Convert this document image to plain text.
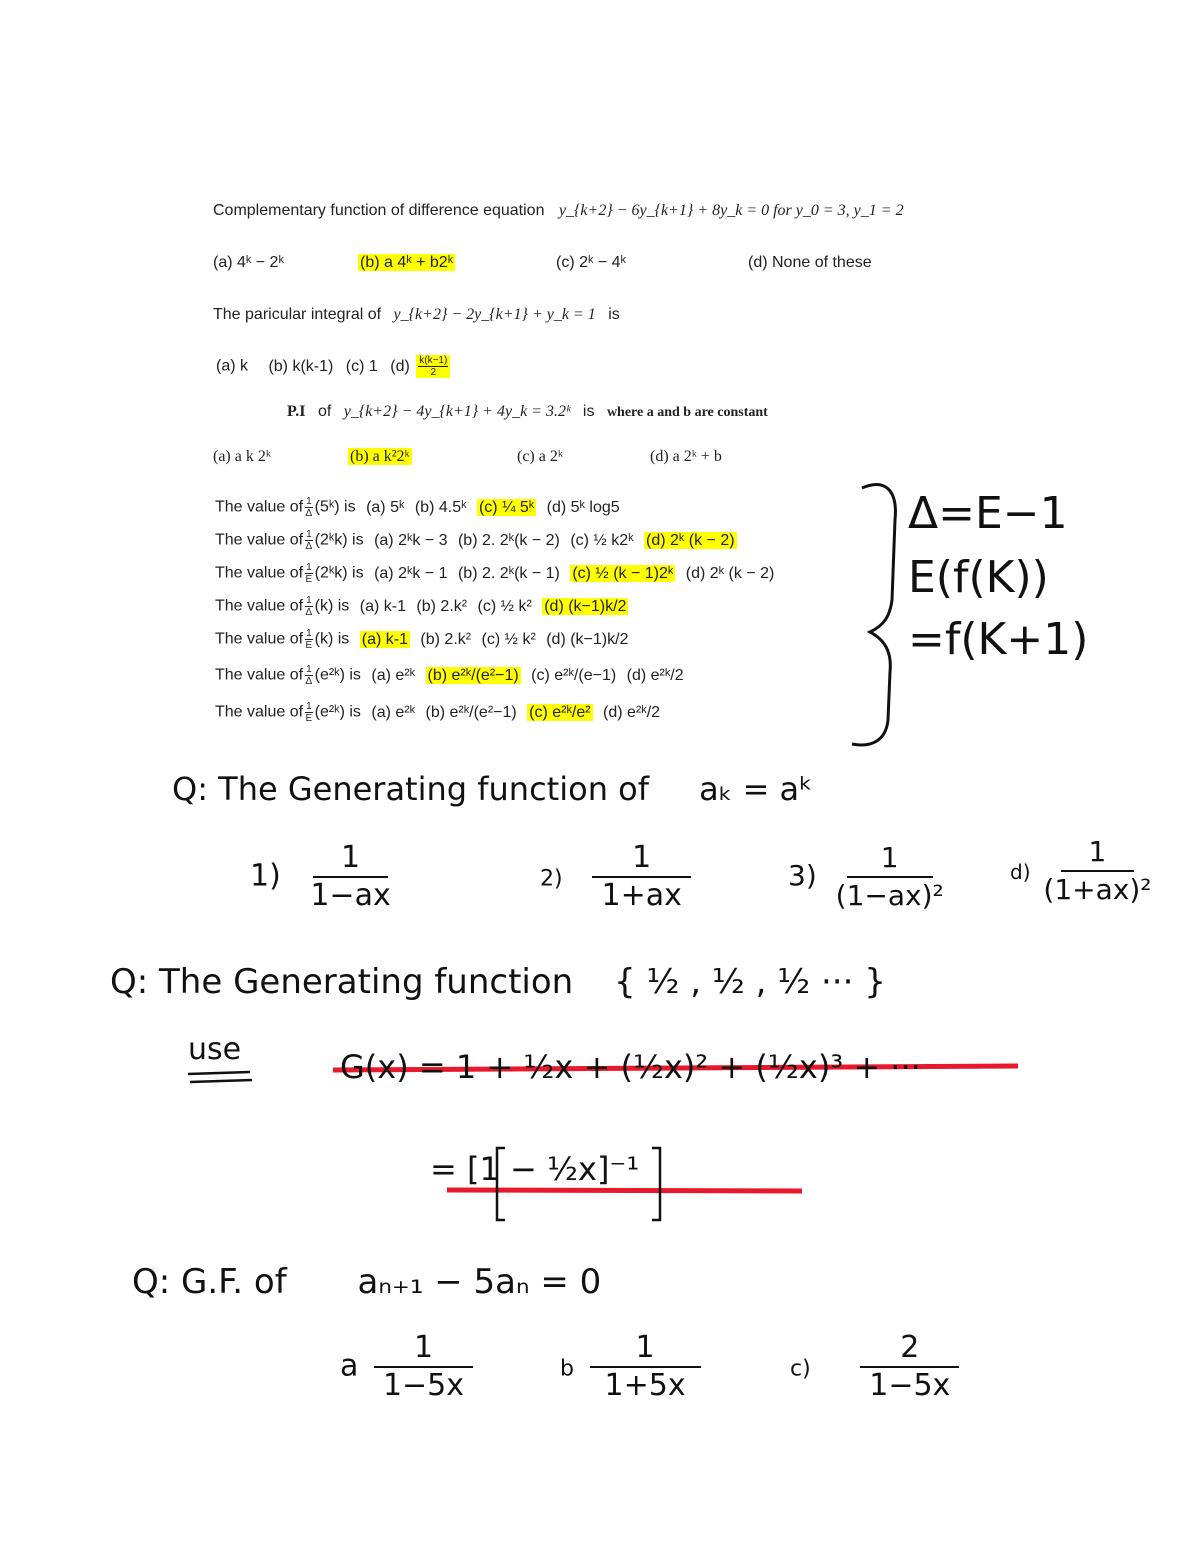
Complementary function of difference equation y_{k+2} − 6y_{k+1} + 8y_k = 0 for y_0 = 3, y_1 = 2
(a) 4ᵏ − 2ᵏ	(b) a 4ᵏ + b2ᵏ	(c) 2ᵏ − 4ᵏ	(d) None of these
The paricular integral of y_{k+2} − 2y_{k+1} + y_k = 1 is
(a) k (b) k(k-1) (c) 1 $(d) \frac{k(k-1)}{2}$
P.I of y_{k+2} − 4y_{k+1} + 4y_k = 3.2ᵏ is where a and b are constant
(a) a k 2ᵏ	(b) a k²2ᵏ	(c) a 2ᵏ	(d) a 2ᵏ + b
The value of $\frac{1}{\Delta}$ (5ᵏ) is (a) 5ᵏ (b) 4.5ᵏ (c) ¼ 5ᵏ (d) 5ᵏ log5
The value of $\frac{1}{\Delta}$ (2ᵏk) is (a) 2ᵏk − 3 (b) 2. 2ᵏ(k − 2) (c) ½ k2ᵏ (d) 2ᵏ (k − 2)
The value of $\frac{1}{E}$ (2ᵏk) is (a) 2ᵏk − 1 (b) 2. 2ᵏ(k − 1) (c) ½ (k − 1)2ᵏ (d) 2ᵏ (k − 2)
The value of $\frac{1}{\Delta} (k)$ is (a) k-1 (b) 2.k² (c) ½ k² (d) (k−1)k/2
The value of $\frac{1}{E} (k)$ is (a) k-1 (b) 2.k² (c) ½ k² (d) (k−1)k/2
The value of $\frac{1}{\Delta}$ (e²ᵏ) is (a) e²ᵏ (b) e²ᵏ/(e²−1) (c) e²ᵏ/(e−1) (d) e²ᵏ/2
The value of $\frac{1}{E}$ (e²ᵏ) is (a) e²ᵏ (b) e²ᵏ/(e²−1) (c) e²ᵏ/e² (d) e²ᵏ/2
Δ=E−1
E(f(K))
=f(K+1)
Q: The Generating function of aₖ = aᵏ
$1) \frac{1}{1-ax}$	$2) \frac{1}{1+ax}$	$3) \frac{1}{\text{(1−ax)²}}$	$d) \frac{1}{\text{(1+ax)²}}$
Q: The Generating function { ½ , ½ , ½ ··· }
use	G(x) = 1 + ½x + (½x)² + (½x)³ + ···
= [1 − ½x]⁻¹
Q: G.F. of aₙ₊₁ − 5aₙ = 0
a $\frac{1}{1-5x}$	b $\frac{1}{1+5x}$	$c) \frac{2}{1-5x}$
